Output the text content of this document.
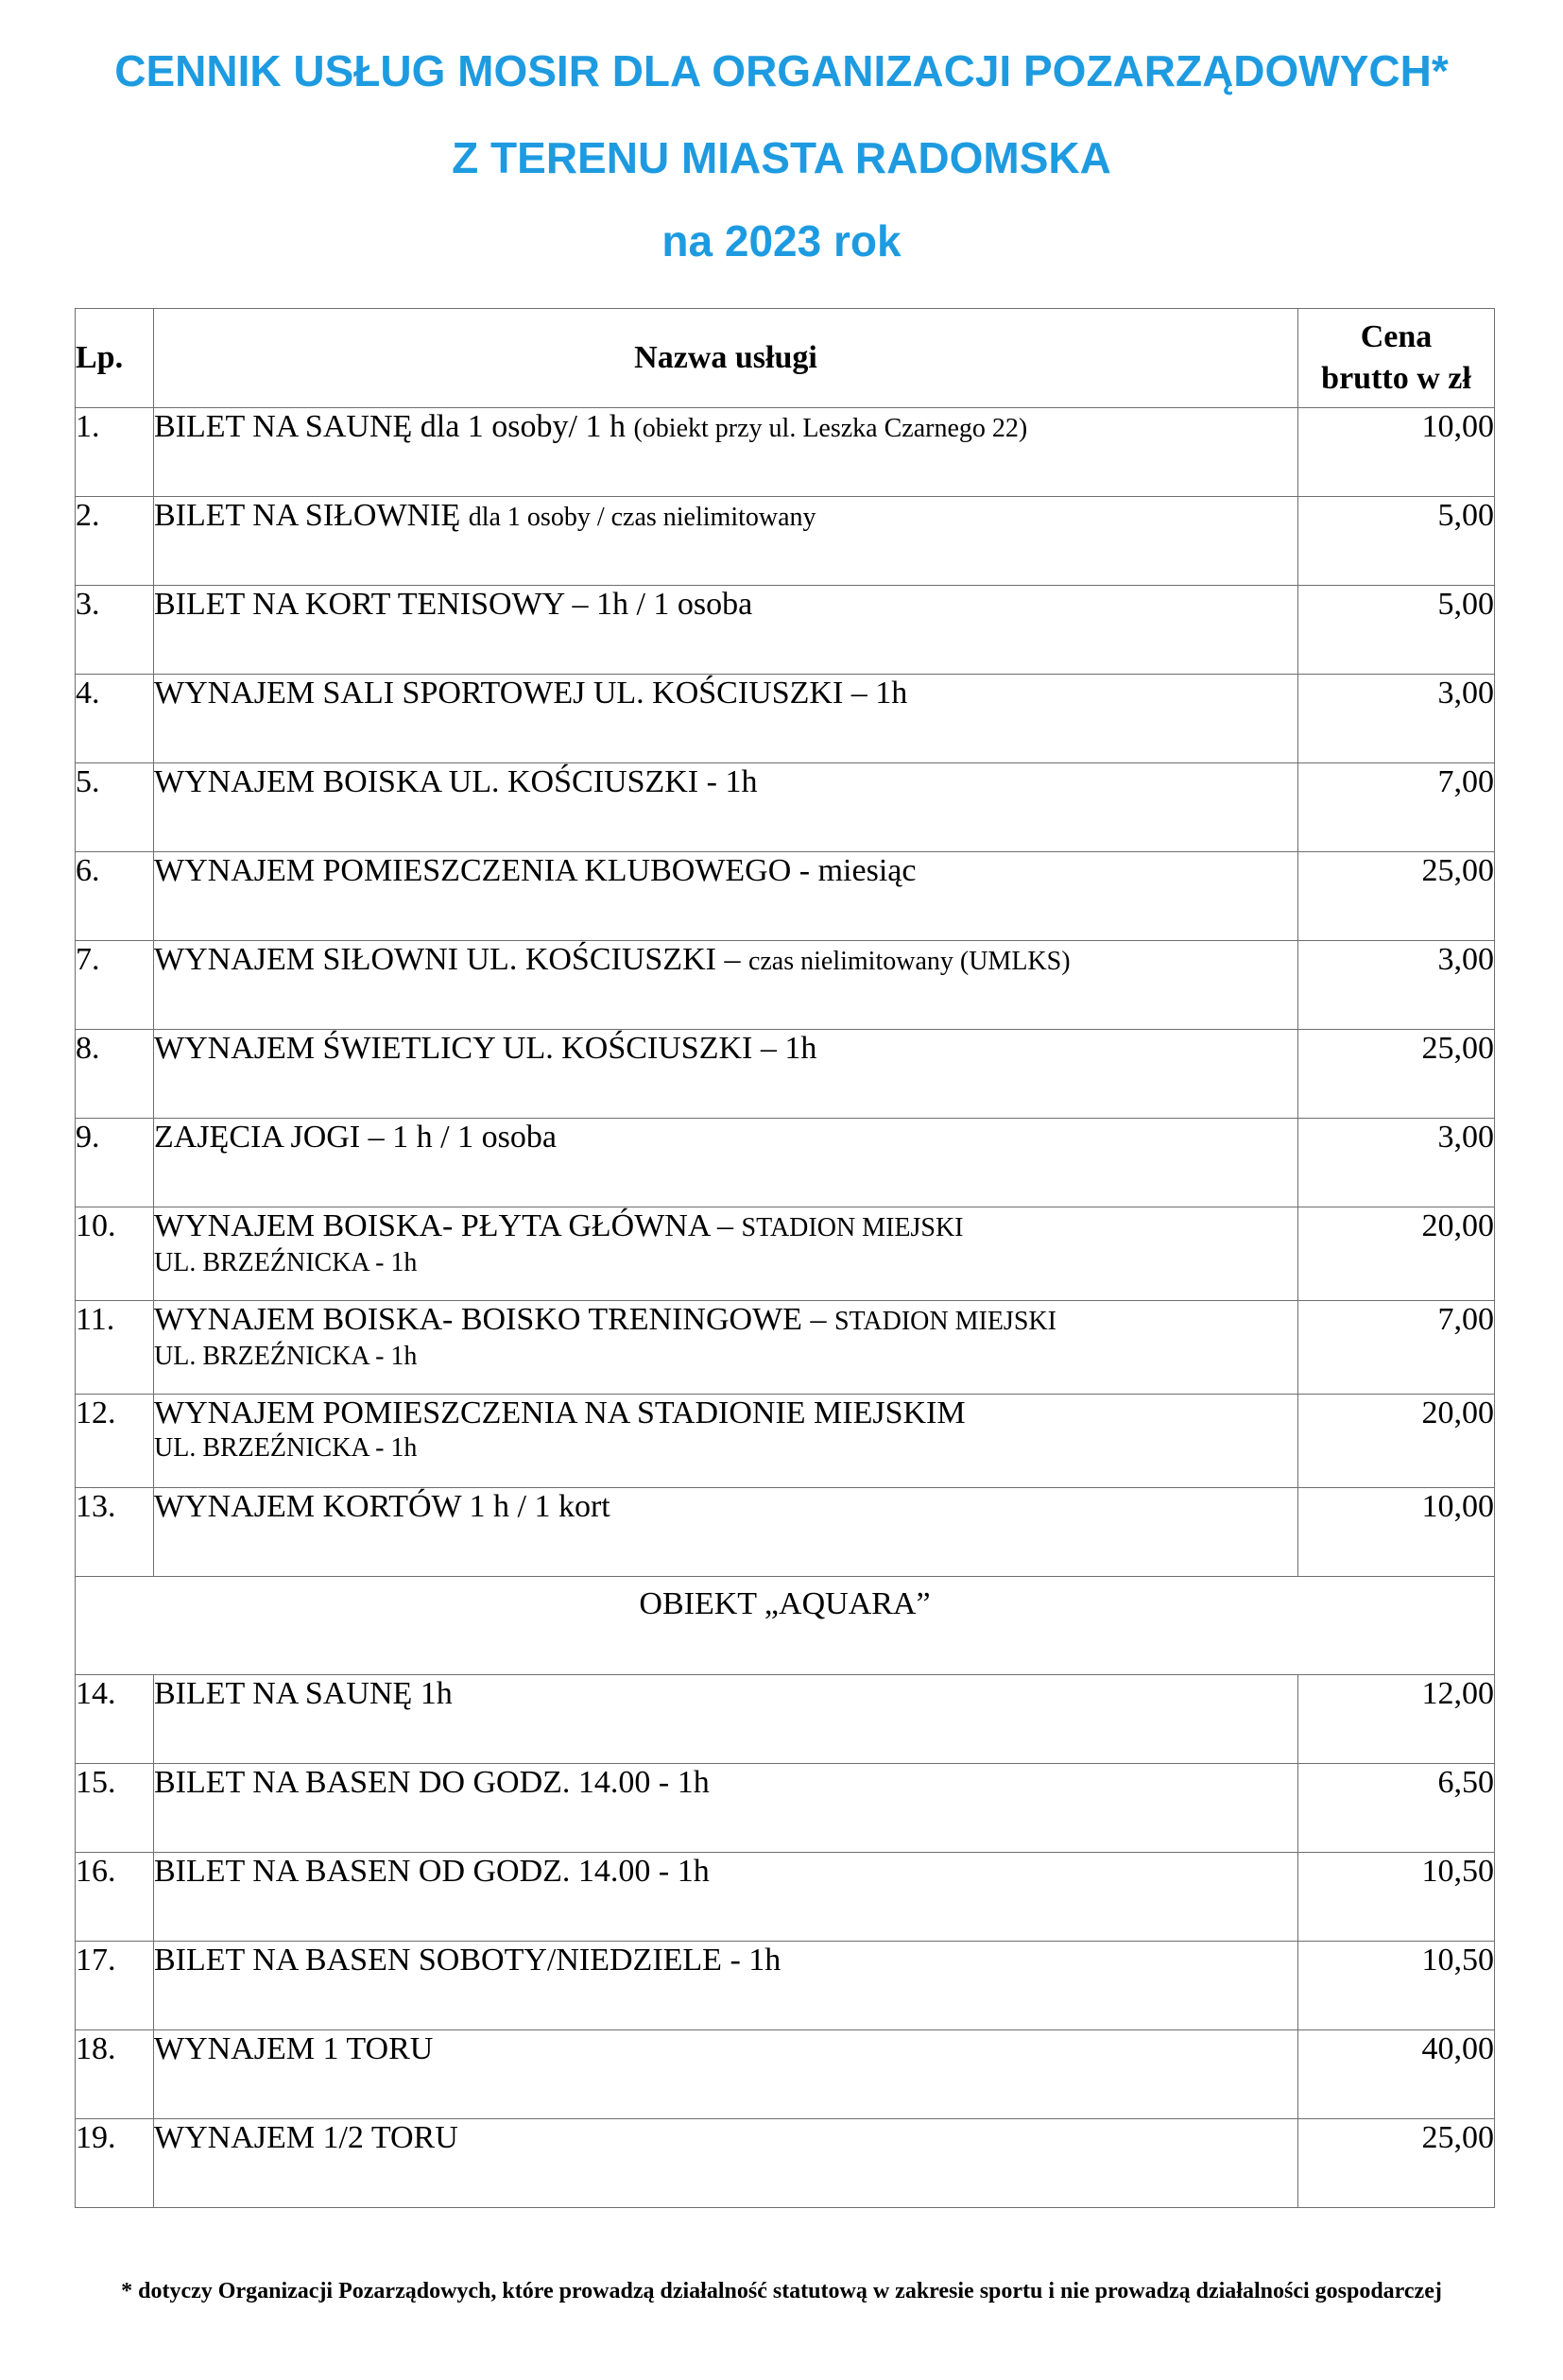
CENNIK USŁUG MOSIR DLA ORGANIZACJI POZARZĄDOWYCH*
Z TERENU MIASTA RADOMSKA
na 2023 rok
Lp.	Nazwa usługi	Cena
brutto w zł
1.	BILET NA SAUNĘ dla 1 osoby/ 1 h (obiekt przy ul. Leszka Czarnego 22)	10,00
2.	BILET NA SIŁOWNIĘ dla 1 osoby / czas nielimitowany	5,00
3.	BILET NA KORT TENISOWY – 1h / 1 osoba	5,00
4.	WYNAJEM SALI SPORTOWEJ UL. KOŚCIUSZKI – 1h	3,00
5.	WYNAJEM BOISKA UL. KOŚCIUSZKI - 1h	7,00
6.	WYNAJEM POMIESZCZENIA KLUBOWEGO - miesiąc	25,00
7.	WYNAJEM SIŁOWNI UL. KOŚCIUSZKI – czas nielimitowany (UMLKS)	3,00
8.	WYNAJEM ŚWIETLICY UL. KOŚCIUSZKI – 1h	25,00
9.	ZAJĘCIA JOGI – 1 h / 1 osoba	3,00
10.	WYNAJEM BOISKA- PŁYTA GŁÓWNA – STADION MIEJSKI
UL. BRZEŹNICKA - 1h	20,00
11.	WYNAJEM BOISKA- BOISKO TRENINGOWE – STADION MIEJSKI
UL. BRZEŹNICKA - 1h	7,00
12.	WYNAJEM POMIESZCZENIA NA STADIONIE MIEJSKIM
UL. BRZEŹNICKA - 1h	20,00
13.	WYNAJEM KORTÓW 1 h / 1 kort	10,00
OBIEKT „AQUARA”		
14.	BILET NA SAUNĘ 1h	12,00
15.	BILET NA BASEN DO GODZ. 14.00 - 1h	6,50
16.	BILET NA BASEN OD GODZ. 14.00 - 1h	10,50
17.	BILET NA BASEN SOBOTY/NIEDZIELE - 1h	10,50
18.	WYNAJEM 1 TORU	40,00
19.	WYNAJEM 1/2 TORU	25,00

* dotyczy Organizacji Pozarządowych, które prowadzą działalność statutową w zakresie sportu i nie prowadzą działalności gospodarczej
